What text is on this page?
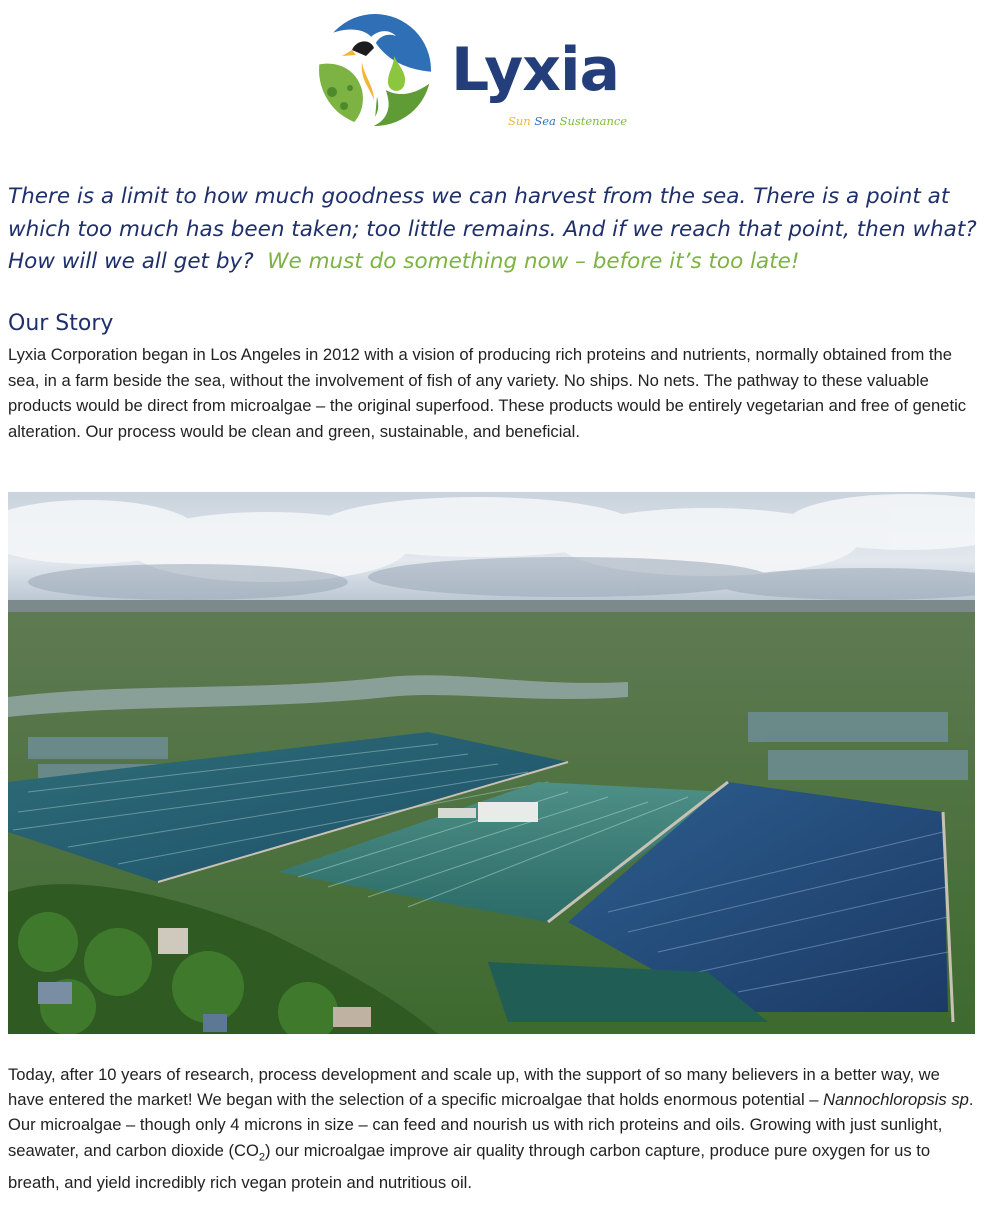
Lyxia
Sun Sea Sustenance

There is a limit to how much goodness we can harvest from the sea. There is a point at which too much has been taken; too little remains. And if we reach that point, then what? How will we all get by? We must do something now – before it’s too late!

Our Story

Lyxia Corporation began in Los Angeles in 2012 with a vision of producing rich proteins and nutrients, normally obtained from the sea, in a farm beside the sea, without the involvement of fish of any variety. No ships. No nets. The pathway to these valuable products would be direct from microalgae – the original superfood. These products would be entirely vegetarian and free of genetic alteration. Our process would be clean and green, sustainable, and beneficial.

Today, after 10 years of research, process development and scale up, with the support of so many believers in a better way, we have entered the market! We began with the selection of a specific microalgae that holds enormous potential – Nannochloropsis sp. Our microalgae – though only 4 microns in size – can feed and nourish us with rich proteins and oils. Growing with just sunlight, seawater, and carbon dioxide $(CO_2)$ our microalgae improve air quality through carbon capture, produce pure oxygen for us to breath, and yield incredibly rich vegan protein and nutritious oil.
